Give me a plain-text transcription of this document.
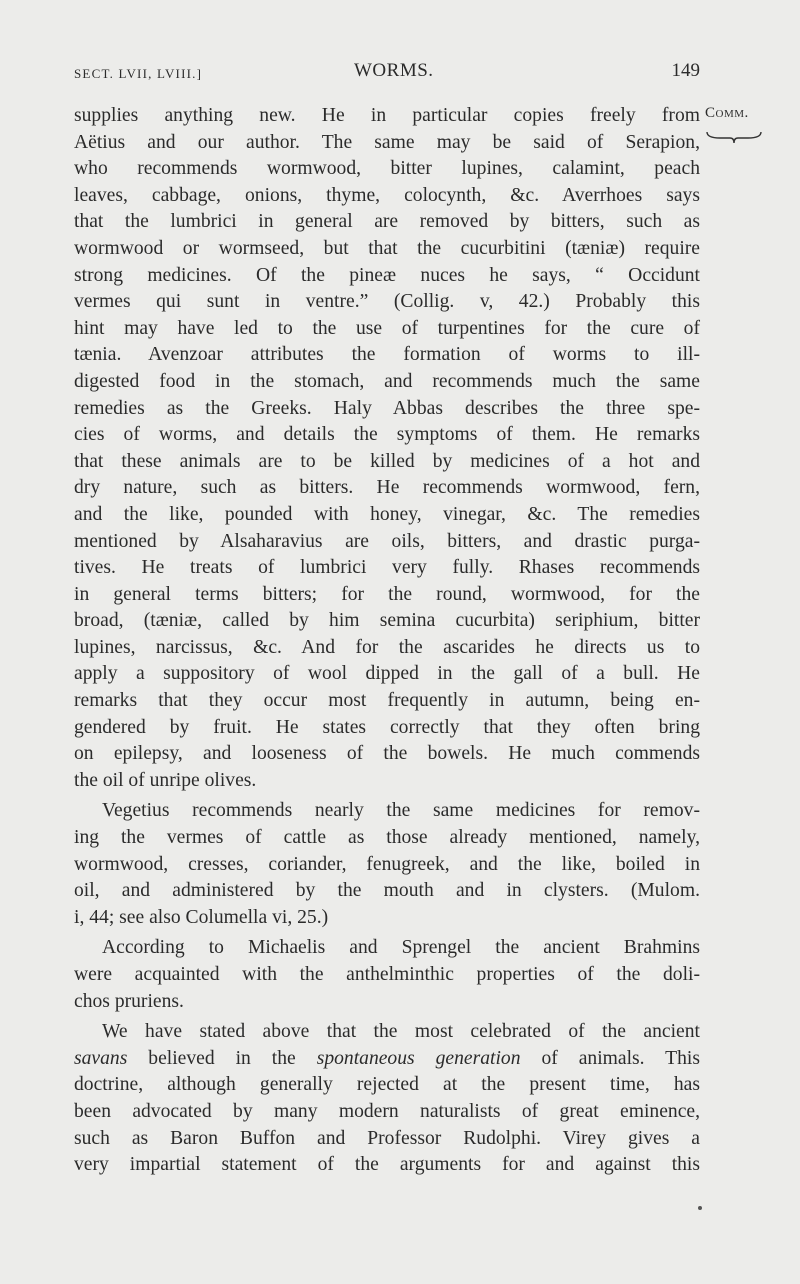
SECT. LVII, LVIII.]	WORMS.	149
Comm.
supplies anything new. He in particular copies freely from
Aëtius and our author. The same may be said of Serapion,
who recommends wormwood, bitter lupines, calamint, peach
leaves, cabbage, onions, thyme, colocynth, &c. Averrhoes says
that the lumbrici in general are removed by bitters, such as
wormwood or wormseed, but that the cucurbitini (tæniæ) require
strong medicines. Of the pineæ nuces he says, “ Occidunt
vermes qui sunt in ventre.” (Collig. v, 42.) Probably this
hint may have led to the use of turpentines for the cure of
tænia. Avenzoar attributes the formation of worms to ill-
digested food in the stomach, and recommends much the same
remedies as the Greeks. Haly Abbas describes the three spe-
cies of worms, and details the symptoms of them. He remarks
that these animals are to be killed by medicines of a hot and
dry nature, such as bitters. He recommends wormwood, fern,
and the like, pounded with honey, vinegar, &c. The remedies
mentioned by Alsaharavius are oils, bitters, and drastic purga-
tives. He treats of lumbrici very fully. Rhases recommends
in general terms bitters; for the round, wormwood, for the
broad, (tæniæ, called by him semina cucurbita) seriphium, bitter
lupines, narcissus, &c. And for the ascarides he directs us to
apply a suppository of wool dipped in the gall of a bull. He
remarks that they occur most frequently in autumn, being en-
gendered by fruit. He states correctly that they often bring
on epilepsy, and looseness of the bowels. He much commends
the oil of unripe olives.
Vegetius recommends nearly the same medicines for remov-
ing the vermes of cattle as those already mentioned, namely,
wormwood, cresses, coriander, fenugreek, and the like, boiled in
oil, and administered by the mouth and in clysters. (Mulom.
i, 44; see also Columella vi, 25.)
According to Michaelis and Sprengel the ancient Brahmins
were acquainted with the anthelminthic properties of the doli-
chos pruriens.
We have stated above that the most celebrated of the ancient
savans believed in the spontaneous generation of animals. This
doctrine, although generally rejected at the present time, has
been advocated by many modern naturalists of great eminence,
such as Baron Buffon and Professor Rudolphi. Virey gives a
very impartial statement of the arguments for and against this
